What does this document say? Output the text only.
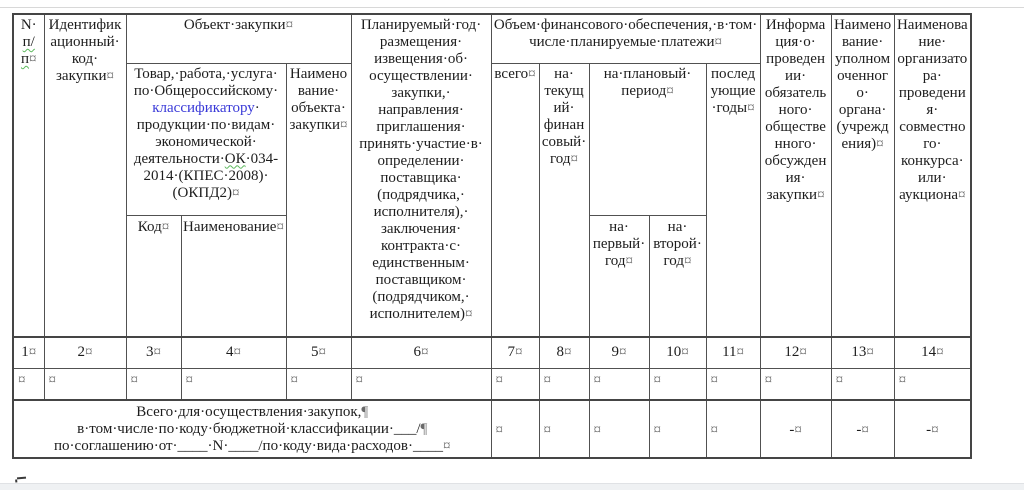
N·​п/п¤	Идентификационный·​код·​закупки¤	Объект·​закупки¤			Планируемый·​год·​размещения·​извещения·​об·​осуществлении·​закупки,·​направления·​приглашения·​принять·​участие·​в·​определении·​поставщика·​(подрядчика,·​исполнителя),·​заключения·​контракта·​с·​единственным·​поставщиком·​(подрядчиком,·​исполнителем)¤	Объем·​финансового·​обеспечения,·​в·​том·​числе·​планируемые·​платежи¤					Информация·​о·​проведении·​обязательного·​общественного·​обсуждения·​закупки¤	Наименование·​уполномоченного·​органа·​(учреждения)¤	Наименование·​организатора·​проведения·​совместного·​конкурса·​или·​аукциона¤
		Товар,·​работа,·​услуга·​по·​Общероссийскому·​классификатору·​продукции·​по·​видам·​экономической·​деятельности·​ОК·​034-2014·​(КПЕС·​2008)·​(ОКПД2)¤		Наименование·​объекта·​закупки¤		всего¤	на·​текущий·​финансовый·​год¤	на·​плановый·​период¤		последующие·​годы¤			
		Код¤	Наименование¤					на·​первый·​год¤	на·​второй·​год¤				
1¤	2¤	3¤	4¤	5¤	6¤	7¤	8¤	9¤	10¤	11¤	12¤	13¤	14¤
¤	¤	¤	¤	¤	¤	¤	¤	¤	¤	¤	¤	¤	¤

Всего·​для·​осуществления·​закупок,¶
в·​том·​числе·​по·​коду·​бюджетной·​классификации·​___/¶
по·​соглашению·​от·​____·​N·​____/по·​коду·​вида·​расходов·​____¤						¤	¤	¤	¤	¤	-¤	-¤	-¤
